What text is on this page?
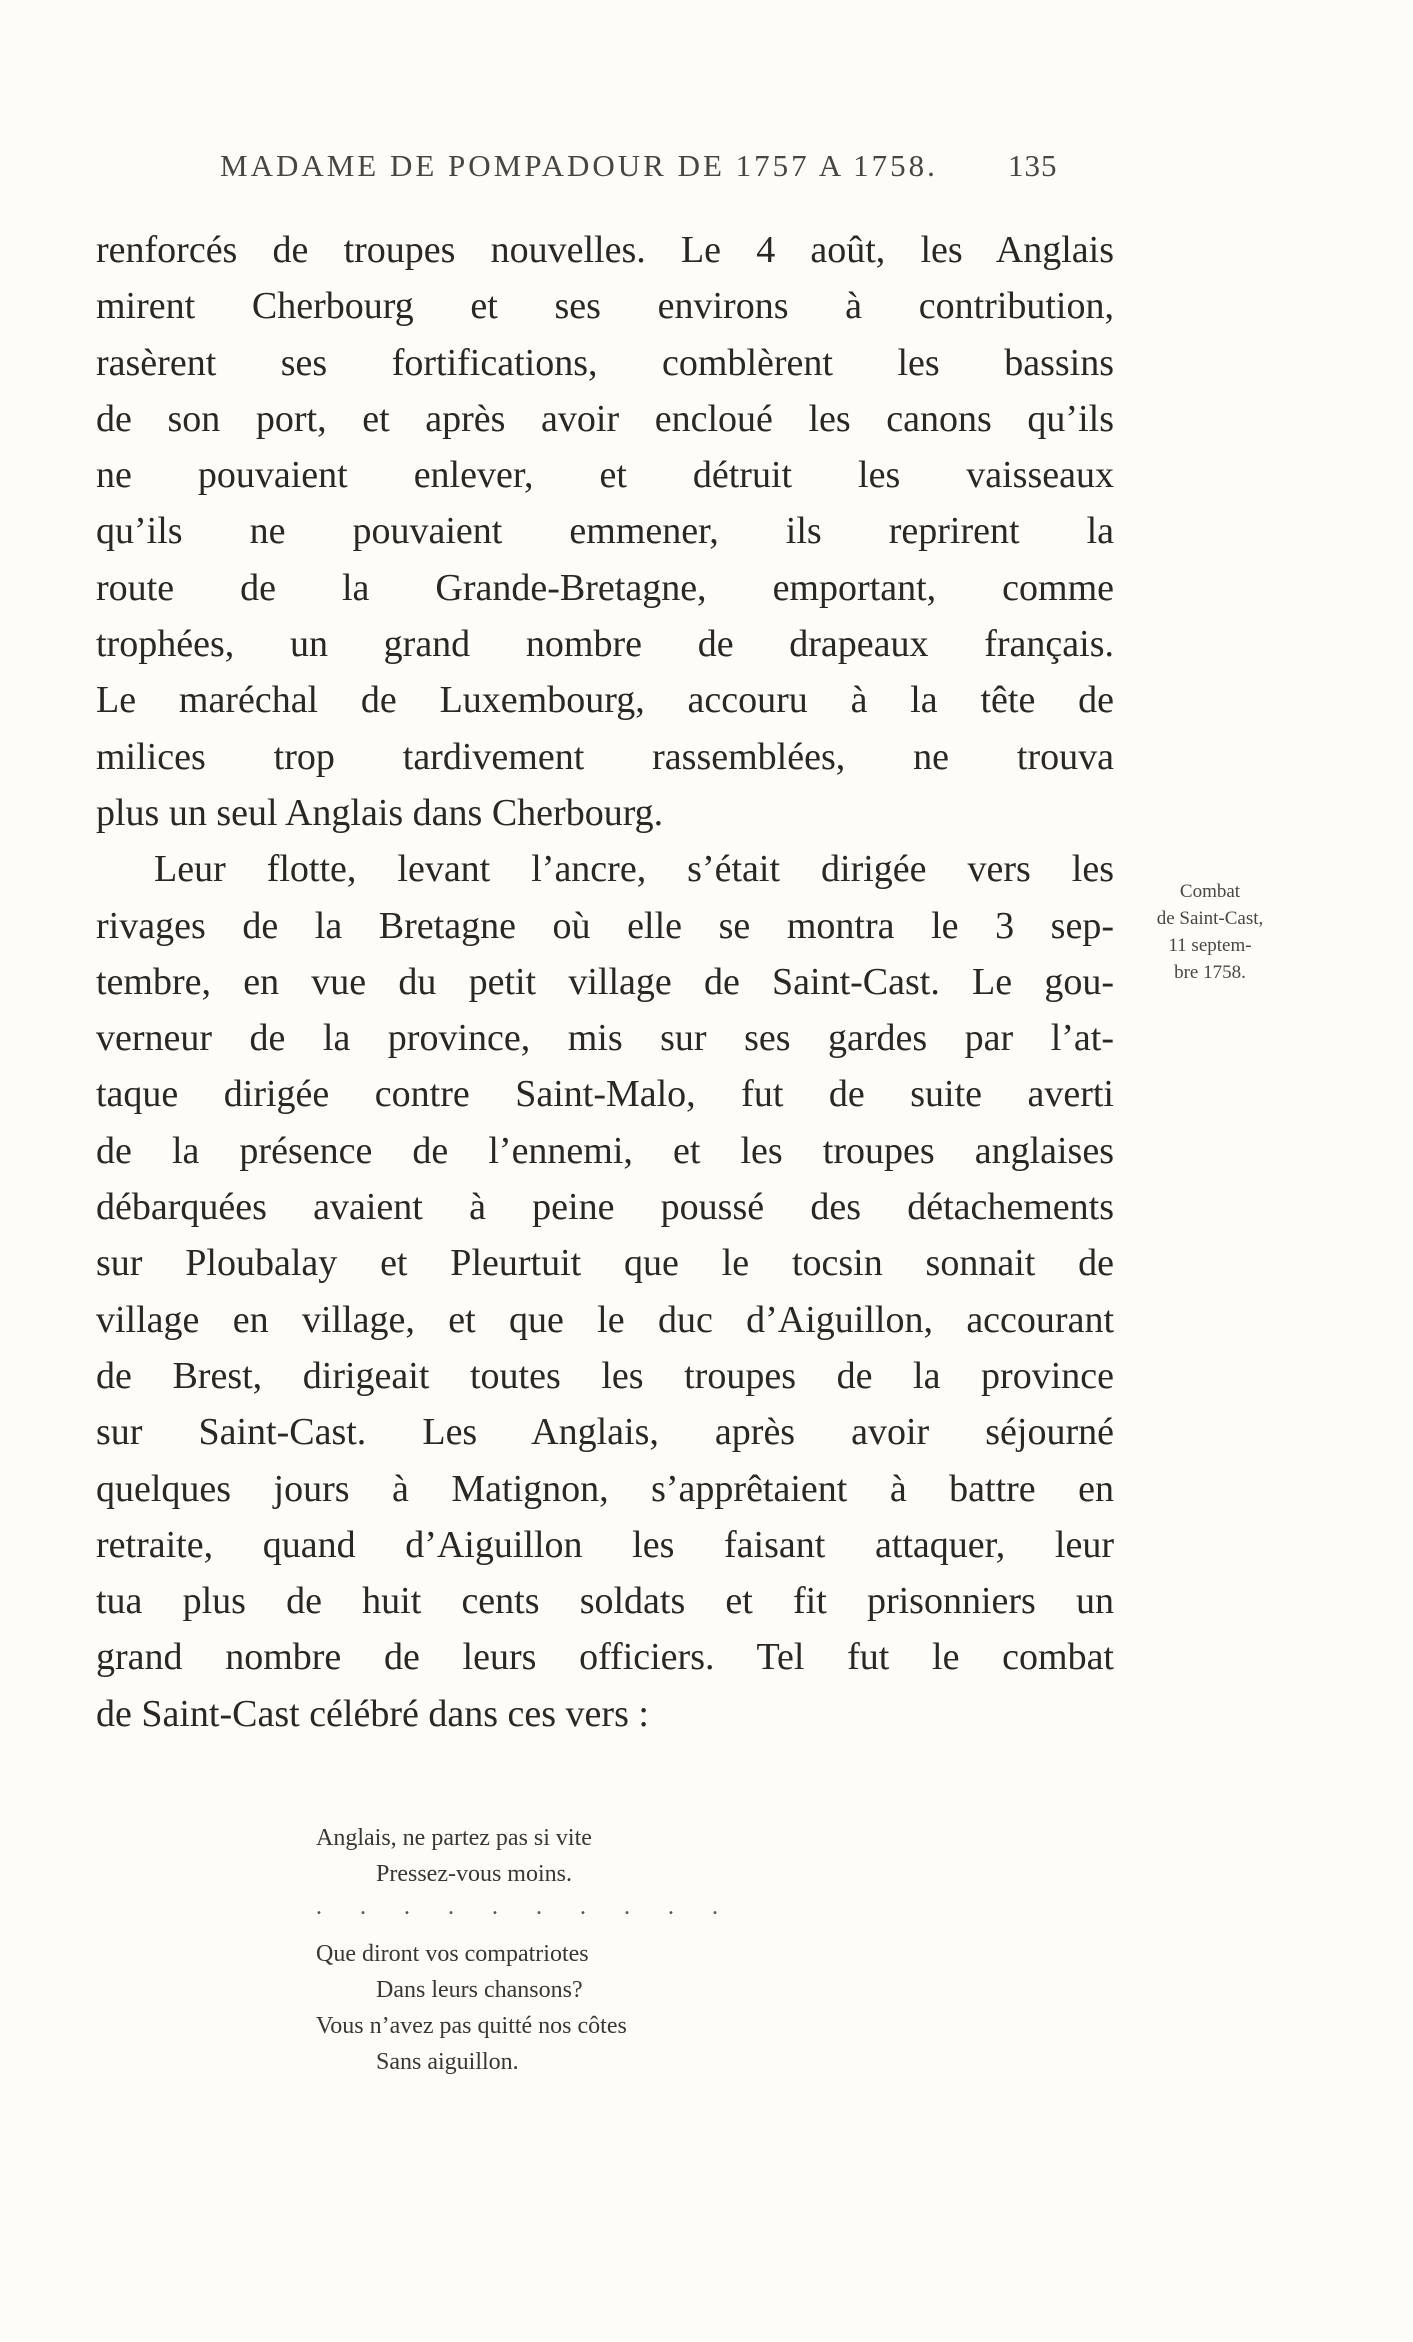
MADAME DE POMPADOUR DE 1757 A 1758. 135
renforcés de troupes nouvelles. Le 4 août, les Anglais
mirent Cherbourg et ses environs à contribution,
rasèrent ses fortifications, comblèrent les bassins
de son port, et après avoir encloué les canons qu’ils
ne pouvaient enlever, et détruit les vaisseaux
qu’ils ne pouvaient emmener, ils reprirent la
route de la Grande-Bretagne, emportant, comme
trophées, un grand nombre de drapeaux français.
Le maréchal de Luxembourg, accouru à la tête de
milices trop tardivement rassemblées, ne trouva
plus un seul Anglais dans Cherbourg.
Leur flotte, levant l’ancre, s’était dirigée vers les
rivages de la Bretagne où elle se montra le 3 sep-
tembre, en vue du petit village de Saint-Cast. Le gou-
verneur de la province, mis sur ses gardes par l’at-
taque dirigée contre Saint-Malo, fut de suite averti
de la présence de l’ennemi, et les troupes anglaises
débarquées avaient à peine poussé des détachements
sur Ploubalay et Pleurtuit que le tocsin sonnait de
village en village, et que le duc d’Aiguillon, accourant
de Brest, dirigeait toutes les troupes de la province
sur Saint-Cast. Les Anglais, après avoir séjourné
quelques jours à Matignon, s’apprêtaient à battre en
retraite, quand d’Aiguillon les faisant attaquer, leur
tua plus de huit cents soldats et fit prisonniers un
grand nombre de leurs officiers. Tel fut le combat
de Saint-Cast célébré dans ces vers :
Combat
de Saint-Cast,
11 septem-
bre 1758.
Anglais, ne partez pas si vite
Pressez-vous moins.
. . . . . . . . . .
Que diront vos compatriotes
Dans leurs chansons?
Vous n’avez pas quitté nos côtes
Sans aiguillon.
